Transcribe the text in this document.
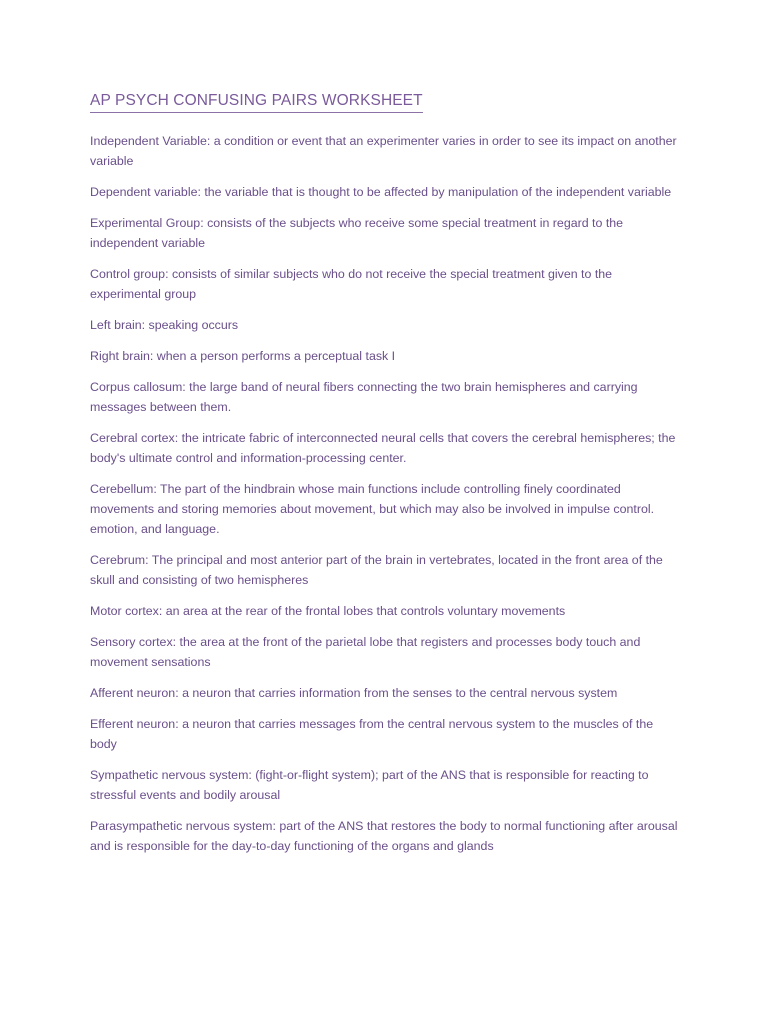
AP PSYCH CONFUSING PAIRS WORKSHEET

Independent Variable: a condition or event that an experimenter varies in order to see its impact on another variable

Dependent variable: the variable that is thought to be affected by manipulation of the independent variable

Experimental Group: consists of the subjects who receive some special treatment in regard to the independent variable

Control group: consists of similar subjects who do not receive the special treatment given to the experimental group

Left brain: speaking occurs

Right brain: when a person performs a perceptual task I

Corpus callosum: the large band of neural fibers connecting the two brain hemispheres and carrying messages between them.

Cerebral cortex: the intricate fabric of interconnected neural cells that covers the cerebral hemispheres; the body's ultimate control and information-processing center.

Cerebellum: The part of the hindbrain whose main functions include controlling finely coordinated movements and storing memories about movement, but which may also be involved in impulse control. emotion, and language.

Cerebrum: The principal and most anterior part of the brain in vertebrates, located in the front area of the skull and consisting of two hemispheres

Motor cortex: an area at the rear of the frontal lobes that controls voluntary movements

Sensory cortex: the area at the front of the parietal lobe that registers and processes body touch and movement sensations

Afferent neuron: a neuron that carries information from the senses to the central nervous system

Efferent neuron: a neuron that carries messages from the central nervous system to the muscles of the body

Sympathetic nervous system: (fight-or-flight system); part of the ANS that is responsible for reacting to stressful events and bodily arousal

Parasympathetic nervous system: part of the ANS that restores the body to normal functioning after arousal and is responsible for the day-to-day functioning of the organs and glands
